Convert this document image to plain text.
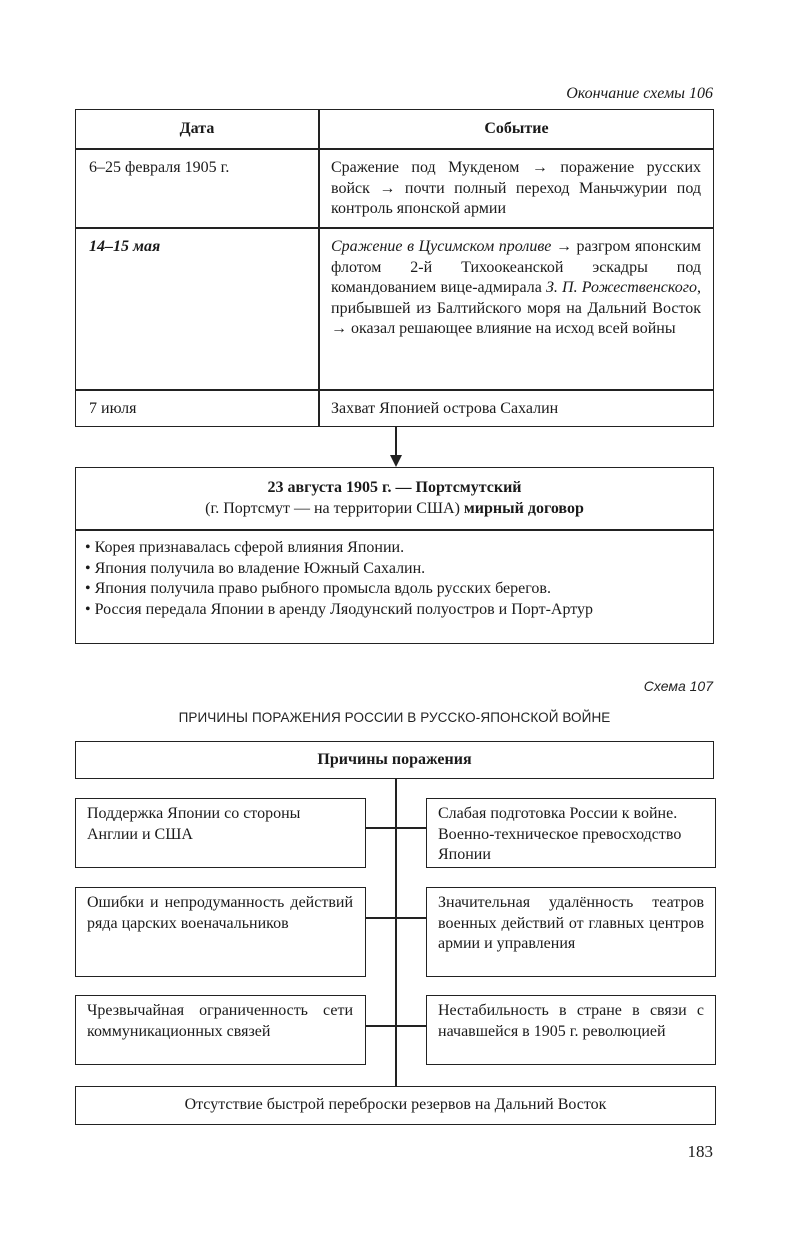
Окончание схемы 106
Дата	Событие
6–25 февраля 1905 г.	Сражение под Мукденом → поражение русских войск → почти полный переход Маньчжурии под контроль японской армии
14–15 мая	Сражение в Цусимском проливе → разгром японским флотом 2-й Тихоокеанской эскадры под командованием вице-адмирала З. П. Рожественского, прибывшей из Балтийского моря на Дальний Восток → оказал решающее влияние на исход всей войны
7 июля	Захват Японией острова Сахалин
23 августа 1905 г. — Портсмутский
(г. Портсмут — на территории США) мирный договор
• Корея признавалась сферой влияния Японии.
• Япония получила во владение Южный Сахалин.
• Япония получила право рыбного промысла вдоль русских берегов.
• Россия передала Японии в аренду Ляодунский полуостров и Порт-Артур
Схема 107
ПРИЧИНЫ ПОРАЖЕНИЯ РОССИИ В РУССКО-ЯПОНСКОЙ ВОЙНЕ
Причины поражения
Поддержка Японии со стороны Англии и США
Ошибки и непродуманность действий ряда царских военачальников
Чрезвычайная ограниченность сети коммуникационных связей
Слабая подготовка России к войне. Военно-техническое превосходство Японии
Значительная удалённость театров военных действий от главных центров армии и управления
Нестабильность в стране в связи с начавшейся в 1905 г. революцией
Отсутствие быстрой переброски резервов на Дальний Восток
183
